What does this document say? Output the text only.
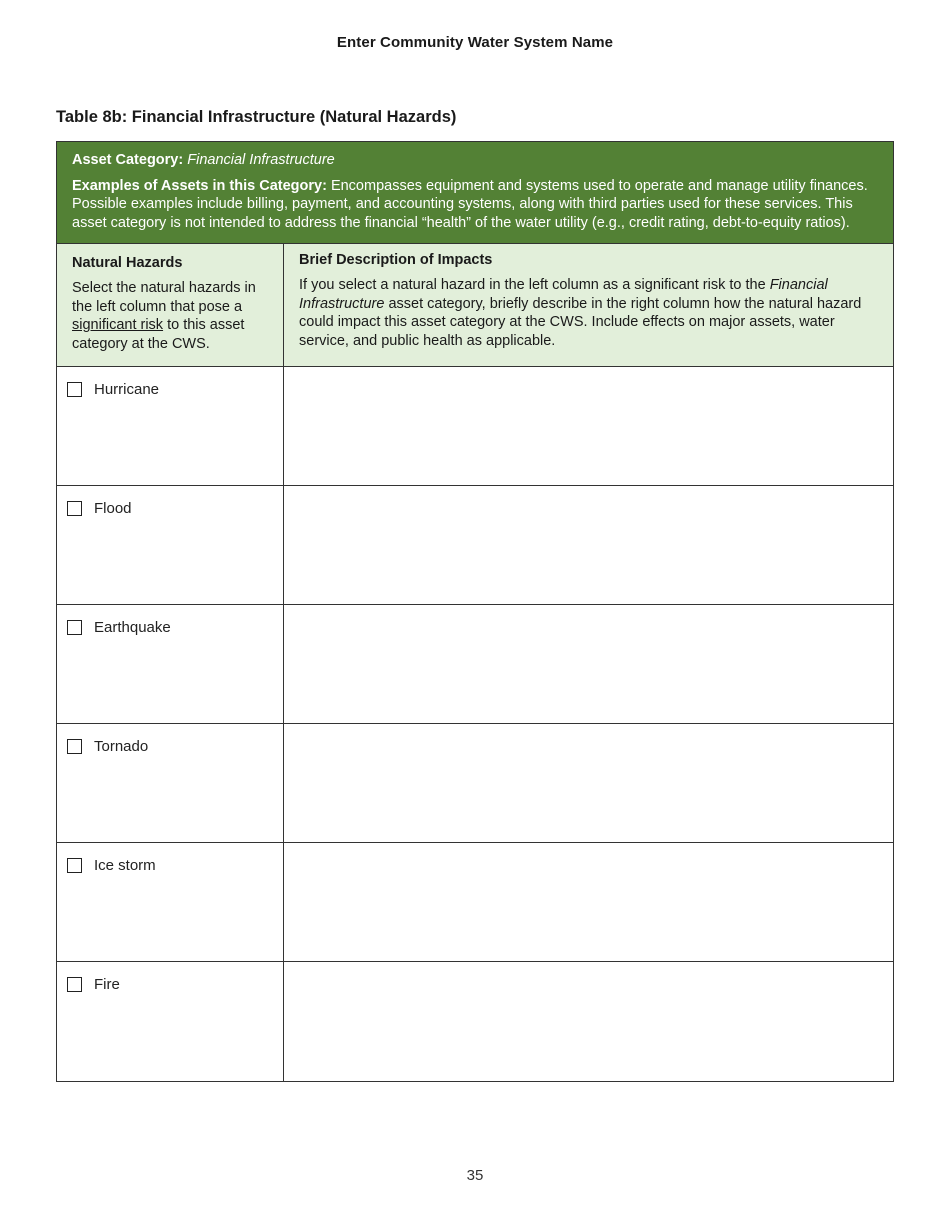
Enter Community Water System Name
Table 8b: Financial Infrastructure (Natural Hazards)
Asset Category: Financial Infrastructure
Examples of Assets in this Category: Encompasses equipment and systems used to operate and manage utility finances. Possible examples include billing, payment, and accounting systems, along with third parties used for these services. This asset category is not intended to address the financial “health” of the water utility (e.g., credit rating, debt-to-equity ratios).
Natural Hazards
Select the natural hazards in the left column that pose a significant risk to this asset category at the CWS.
Brief Description of Impacts
If you select a natural hazard in the left column as a significant risk to the Financial Infrastructure asset category, briefly describe in the right column how the natural hazard could impact this asset category at the CWS. Include effects on major assets, water service, and public health as applicable.
Hurricane
Flood
Earthquake
Tornado
Ice storm
Fire
35
